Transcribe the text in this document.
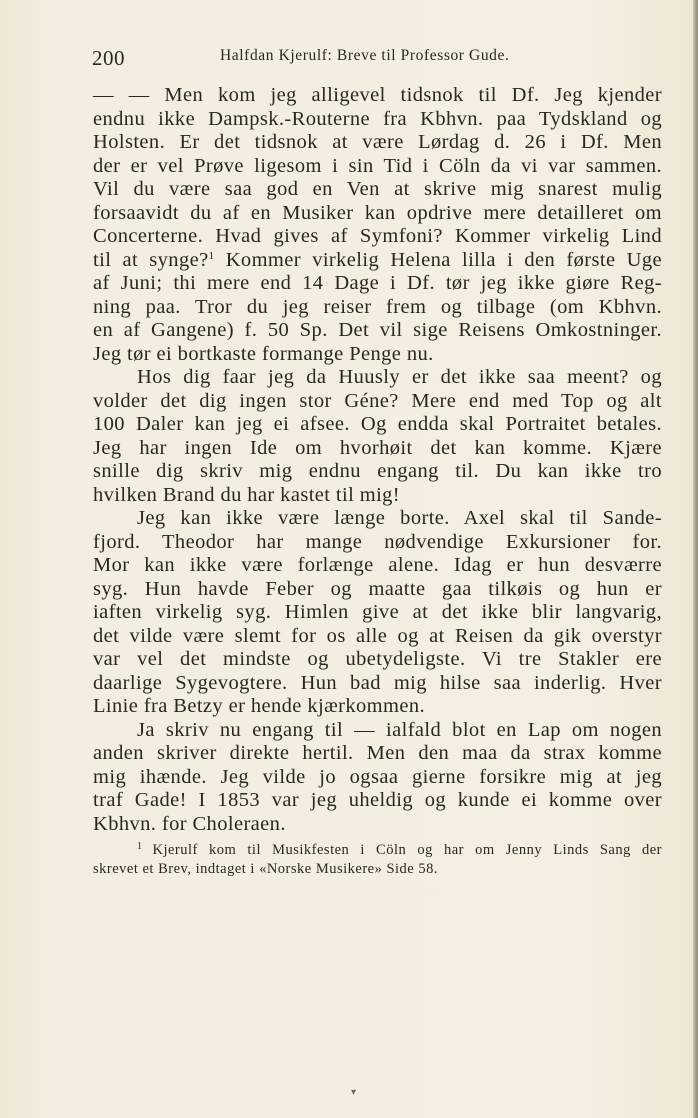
200	Halfdan Kjerulf: Breve til Professor Gude.
— — Men kom jeg alligevel tidsnok til Df. Jeg kjender
endnu ikke Dampsk.-Routerne fra Kbhvn. paa Tydskland og
Holsten. Er det tidsnok at være Lørdag d. 26 i Df. Men
der er vel Prøve ligesom i sin Tid i Cöln da vi var sammen.
Vil du være saa god en Ven at skrive mig snarest mulig
forsaavidt du af en Musiker kan opdrive mere detailleret om
Concerterne. Hvad gives af Symfoni? Kommer virkelig Lind
til at synge?$^1$ Kommer virkelig Helena lilla i den første Uge
af Juni; thi mere end 14 Dage i Df. tør jeg ikke giøre Reg-
ning paa. Tror du jeg reiser frem og tilbage (om Kbhvn.
en af Gangene) f. 50 Sp. Det vil sige Reisens Omkostninger.
Jeg tør ei bortkaste formange Penge nu.
Hos dig faar jeg da Huusly er det ikke saa meent? og
volder det dig ingen stor Géne? Mere end med Top og alt
100 Daler kan jeg ei afsee. Og endda skal Portraitet betales.
Jeg har ingen Ide om hvorhøit det kan komme. Kjære
snille dig skriv mig endnu engang til. Du kan ikke tro
hvilken Brand du har kastet til mig!
Jeg kan ikke være længe borte. Axel skal til Sande-
fjord. Theodor har mange nødvendige Exkursioner for.
Mor kan ikke være forlænge alene. Idag er hun desværre
syg. Hun havde Feber og maatte gaa tilkøis og hun er
iaften virkelig syg. Himlen give at det ikke blir langvarig,
det vilde være slemt for os alle og at Reisen da gik overstyr
var vel det mindste og ubetydeligste. Vi tre Stakler ere
daarlige Sygevogtere. Hun bad mig hilse saa inderlig. Hver
Linie fra Betzy er hende kjærkommen.
Ja skriv nu engang til — ialfald blot en Lap om nogen
anden skriver direkte hertil. Men den maa da strax komme
mig ihænde. Jeg vilde jo ogsaa gierne forsikre mig at jeg
traf Gade! I 1853 var jeg uheldig og kunde ei komme over
Kbhvn. for Choleraen.
$^1$ Kjerulf kom til Musikfesten i Cöln og har om Jenny Linds Sang der
skrevet et Brev, indtaget i «Norske Musikere» Side 58.
▾
